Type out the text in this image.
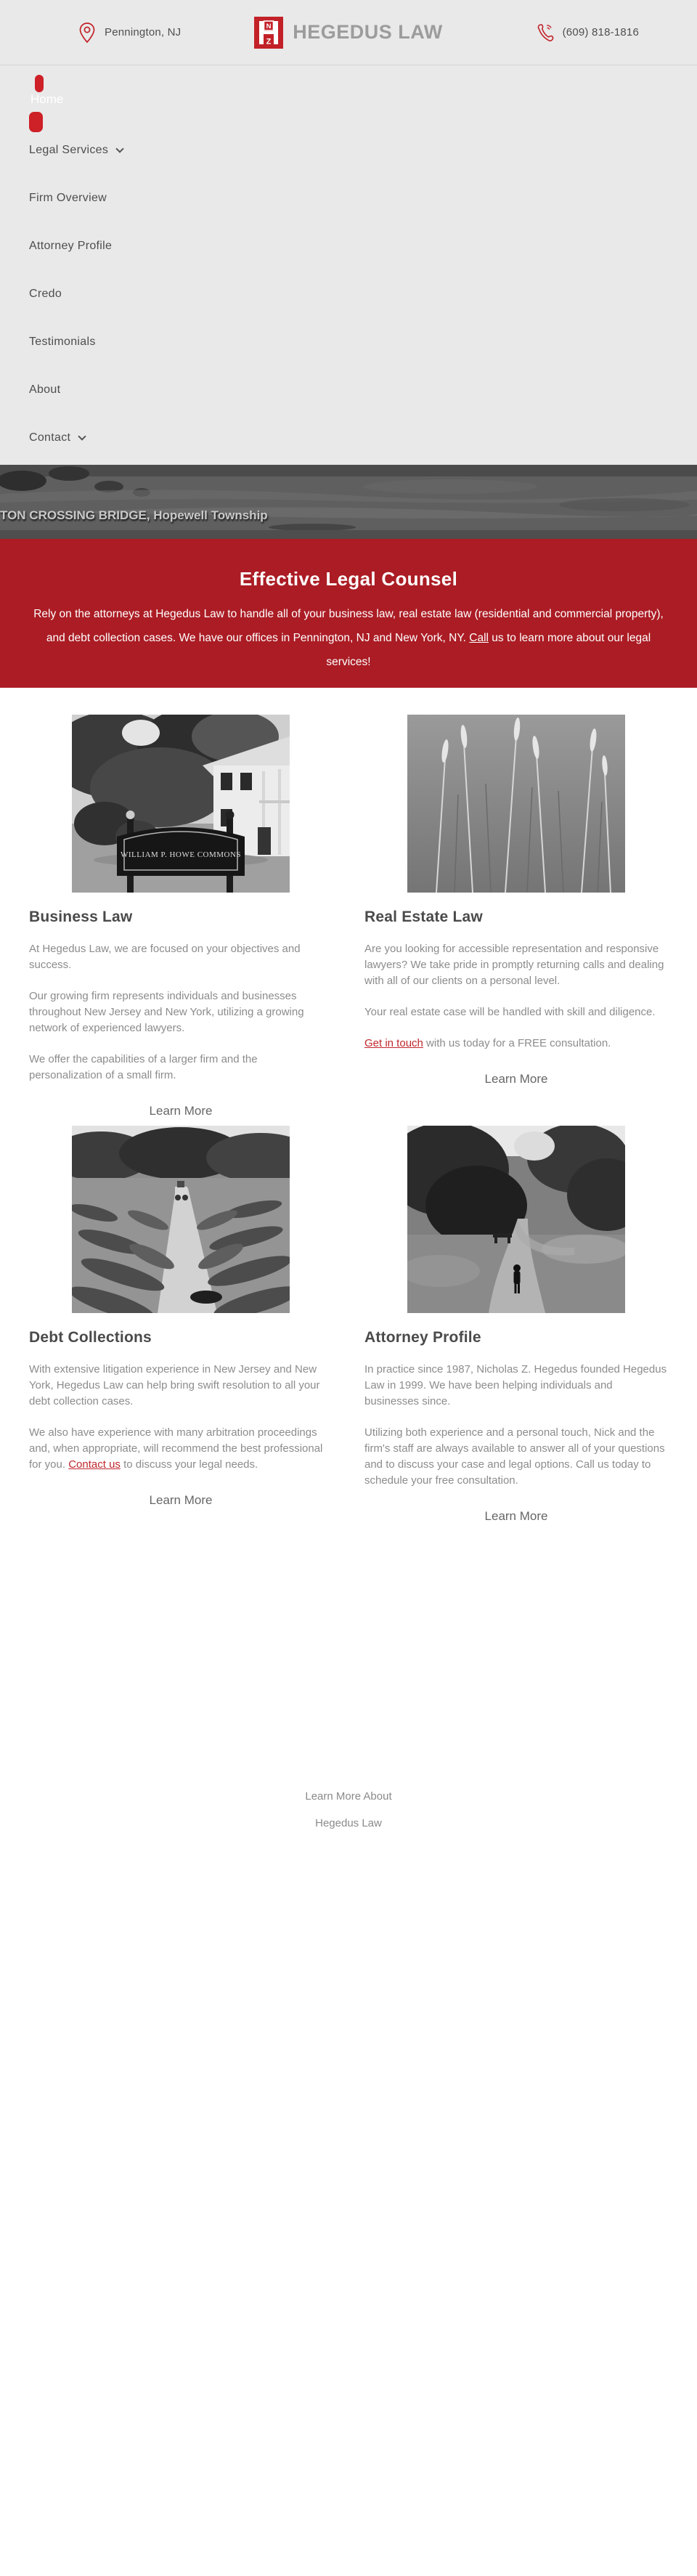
Pennington, NJ	N
Z HEGEDUS LAW	(609) 818-1816
Home
Legal Services
Firm Overview
Attorney Profile
Credo
Testimonials
About
Contact
TON CROSSING BRIDGE, Hopewell Township
Effective Legal Counsel

Rely on the attorneys at Hegedus Law to handle all of your business law, real estate law (residential and commercial property), and debt collection cases. We have our offices in Pennington, NJ and New York, NY. Call us to learn more about our legal services!

WILLIAM P. HOWE COMMONS
Business Law

At Hegedus Law, we are focused on your objectives and success.

Our growing firm represents individuals and businesses throughout New Jersey and New York, utilizing a growing network of experienced lawyers.

We offer the capabilities of a larger firm and the personalization of a small firm.

Learn More
Real Estate Law

Are you looking for accessible representation and responsive lawyers? We take pride in promptly returning calls and dealing with all of our clients on a personal level.

Your real estate case will be handled with skill and diligence.

Get in touch with us today for a FREE consultation.

Learn More
Debt Collections

With extensive litigation experience in New Jersey and New York, Hegedus Law can help bring swift resolution to all your debt collection cases.

We also have experience with many arbitration proceedings and, when appropriate, will recommend the best professional for you. Contact us to discuss your legal needs.

Learn More
Attorney Profile

In practice since 1987, Nicholas Z. Hegedus founded Hegedus Law in 1999. We have been helping individuals and businesses since.

Utilizing both experience and a personal touch, Nick and the firm's staff are always available to answer all of your questions and to discuss your case and legal options. Call us today to schedule your free consultation.

Learn More
Learn More About
Hegedus Law
